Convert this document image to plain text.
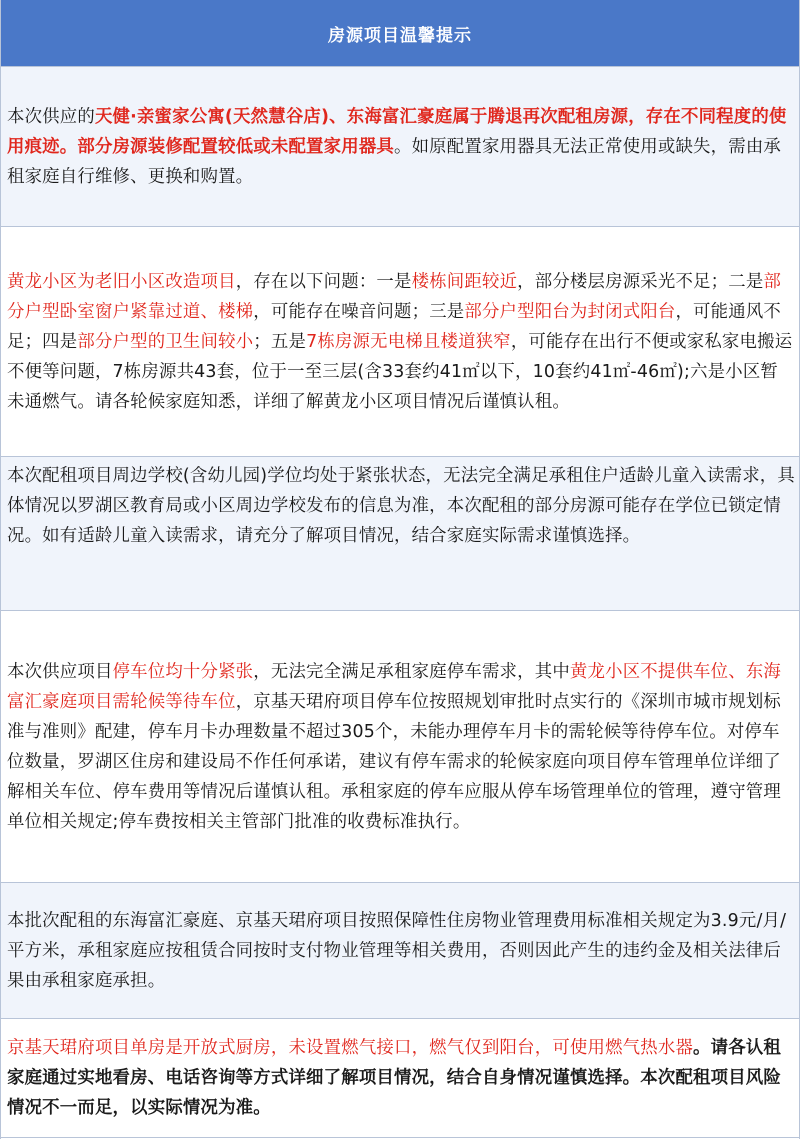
房源项目温馨提示

本次供应的天健·亲蜜家公寓(天然慧谷店)、东海富汇豪庭属于腾退再次配租房源，存在不同程度的使用痕迹。部分房源装修配置较低或未配置家用器具。如原配置家用器具无法正常使用或缺失，需由承租家庭自行维修、更换和购置。

黄龙小区为老旧小区改造项目，存在以下问题：一是楼栋间距较近，部分楼层房源采光不足；二是部分户型卧室窗户紧靠过道、楼梯，可能存在噪音问题；三是部分户型阳台为封闭式阳台，可能通风不足；四是部分户型的卫生间较小；五是7栋房源无电梯且楼道狭窄，可能存在出行不便或家私家电搬运不便等问题，7栋房源共43套，位于一至三层(含33套约41㎡以下，10套约41㎡-46㎡);六是小区暂未通燃气。请各轮候家庭知悉，详细了解黄龙小区项目情况后谨慎认租。

本次配租项目周边学校(含幼儿园)学位均处于紧张状态，无法完全满足承租住户适龄儿童入读需求，具体情况以罗湖区教育局或小区周边学校发布的信息为准，本次配租的部分房源可能存在学位已锁定情况。如有适龄儿童入读需求，请充分了解项目情况，结合家庭实际需求谨慎选择。

本次供应项目停车位均十分紧张，无法完全满足承租家庭停车需求，其中黄龙小区不提供车位、东海富汇豪庭项目需轮候等待车位，京基天珺府项目停车位按照规划审批时点实行的《深圳市城市规划标准与准则》配建，停车月卡办理数量不超过305个，未能办理停车月卡的需轮候等待停车位。对停车位数量，罗湖区住房和建设局不作任何承诺，建议有停车需求的轮候家庭向项目停车管理单位详细了解相关车位、停车费用等情况后谨慎认租。承租家庭的停车应服从停车场管理单位的管理，遵守管理单位相关规定;停车费按相关主管部门批准的收费标准执行。

本批次配租的东海富汇豪庭、京基天珺府项目按照保障性住房物业管理费用标准相关规定为3.9元/月/平方米，承租家庭应按租赁合同按时支付物业管理等相关费用，否则因此产生的违约金及相关法律后果由承租家庭承担。

京基天珺府项目单房是开放式厨房，未设置燃气接口，燃气仅到阳台，可使用燃气热水器。请各认租家庭通过实地看房、电话咨询等方式详细了解项目情况，结合自身情况谨慎选择。本次配租项目风险情况不一而足，以实际情况为准。
